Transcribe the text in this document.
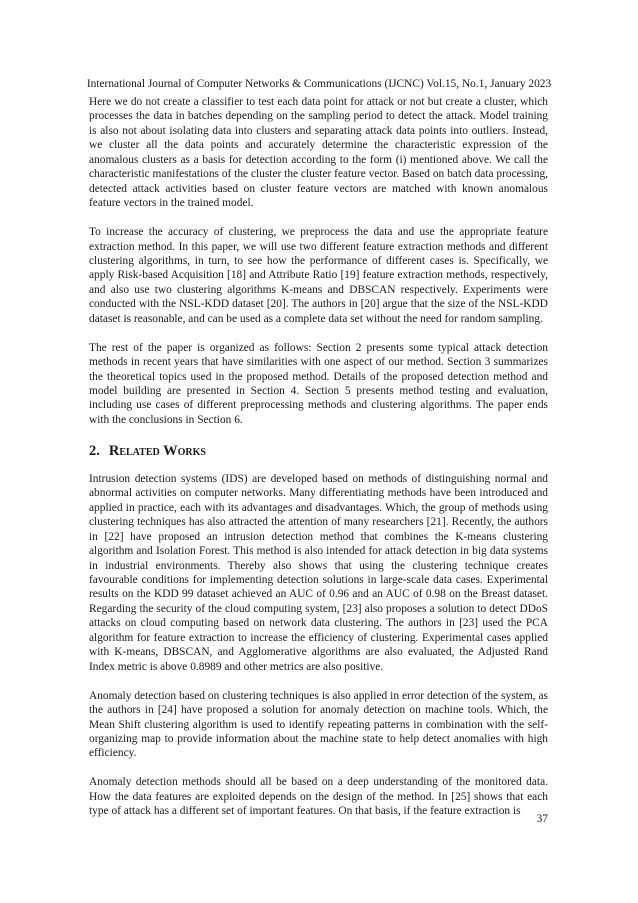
International Journal of Computer Networks & Communications (IJCNC) Vol.15, No.1, January 2023

Here we do not create a classifier to test each data point for attack or not but create a cluster, which processes the data in batches depending on the sampling period to detect the attack. Model training is also not about isolating data into clusters and separating attack data points into outliers. Instead, we cluster all the data points and accurately determine the characteristic expression of the anomalous clusters as a basis for detection according to the form (i) mentioned above. We call the characteristic manifestations of the cluster the cluster feature vector. Based on batch data processing, detected attack activities based on cluster feature vectors are matched with known anomalous feature vectors in the trained model.

To increase the accuracy of clustering, we preprocess the data and use the appropriate feature extraction method. In this paper, we will use two different feature extraction methods and different clustering algorithms, in turn, to see how the performance of different cases is. Specifically, we apply Risk-based Acquisition [18] and Attribute Ratio [19] feature extraction methods, respectively, and also use two clustering algorithms K-means and DBSCAN respectively. Experiments were conducted with the NSL-KDD dataset [20]. The authors in [20] argue that the size of the NSL-KDD dataset is reasonable, and can be used as a complete data set without the need for random sampling.

The rest of the paper is organized as follows: Section 2 presents some typical attack detection methods in recent years that have similarities with one aspect of our method. Section 3 summarizes the theoretical topics used in the proposed method. Details of the proposed detection method and model building are presented in Section 4. Section 5 presents method testing and evaluation, including use cases of different preprocessing methods and clustering algorithms. The paper ends with the conclusions in Section 6.

2. Related Works

Intrusion detection systems (IDS) are developed based on methods of distinguishing normal and abnormal activities on computer networks. Many differentiating methods have been introduced and applied in practice, each with its advantages and disadvantages. Which, the group of methods using clustering techniques has also attracted the attention of many researchers [21]. Recently, the authors in [22] have proposed an intrusion detection method that combines the K-means clustering algorithm and Isolation Forest. This method is also intended for attack detection in big data systems in industrial environments. Thereby also shows that using the clustering technique creates favourable conditions for implementing detection solutions in large-scale data cases. Experimental results on the KDD 99 dataset achieved an AUC of 0.96 and an AUC of 0.98 on the Breast dataset. Regarding the security of the cloud computing system, [23] also proposes a solution to detect DDoS attacks on cloud computing based on network data clustering. The authors in [23] used the PCA algorithm for feature extraction to increase the efficiency of clustering. Experimental cases applied with K-means, DBSCAN, and Agglomerative algorithms are also evaluated, the Adjusted Rand Index metric is above 0.8989 and other metrics are also positive.

Anomaly detection based on clustering techniques is also applied in error detection of the system, as the authors in [24] have proposed a solution for anomaly detection on machine tools. Which, the Mean Shift clustering algorithm is used to identify repeating patterns in combination with the self-organizing map to provide information about the machine state to help detect anomalies with high efficiency.

Anomaly detection methods should all be based on a deep understanding of the monitored data. How the data features are exploited depends on the design of the method. In [25] shows that each type of attack has a different set of important features. On that basis, if the feature extraction is

37
